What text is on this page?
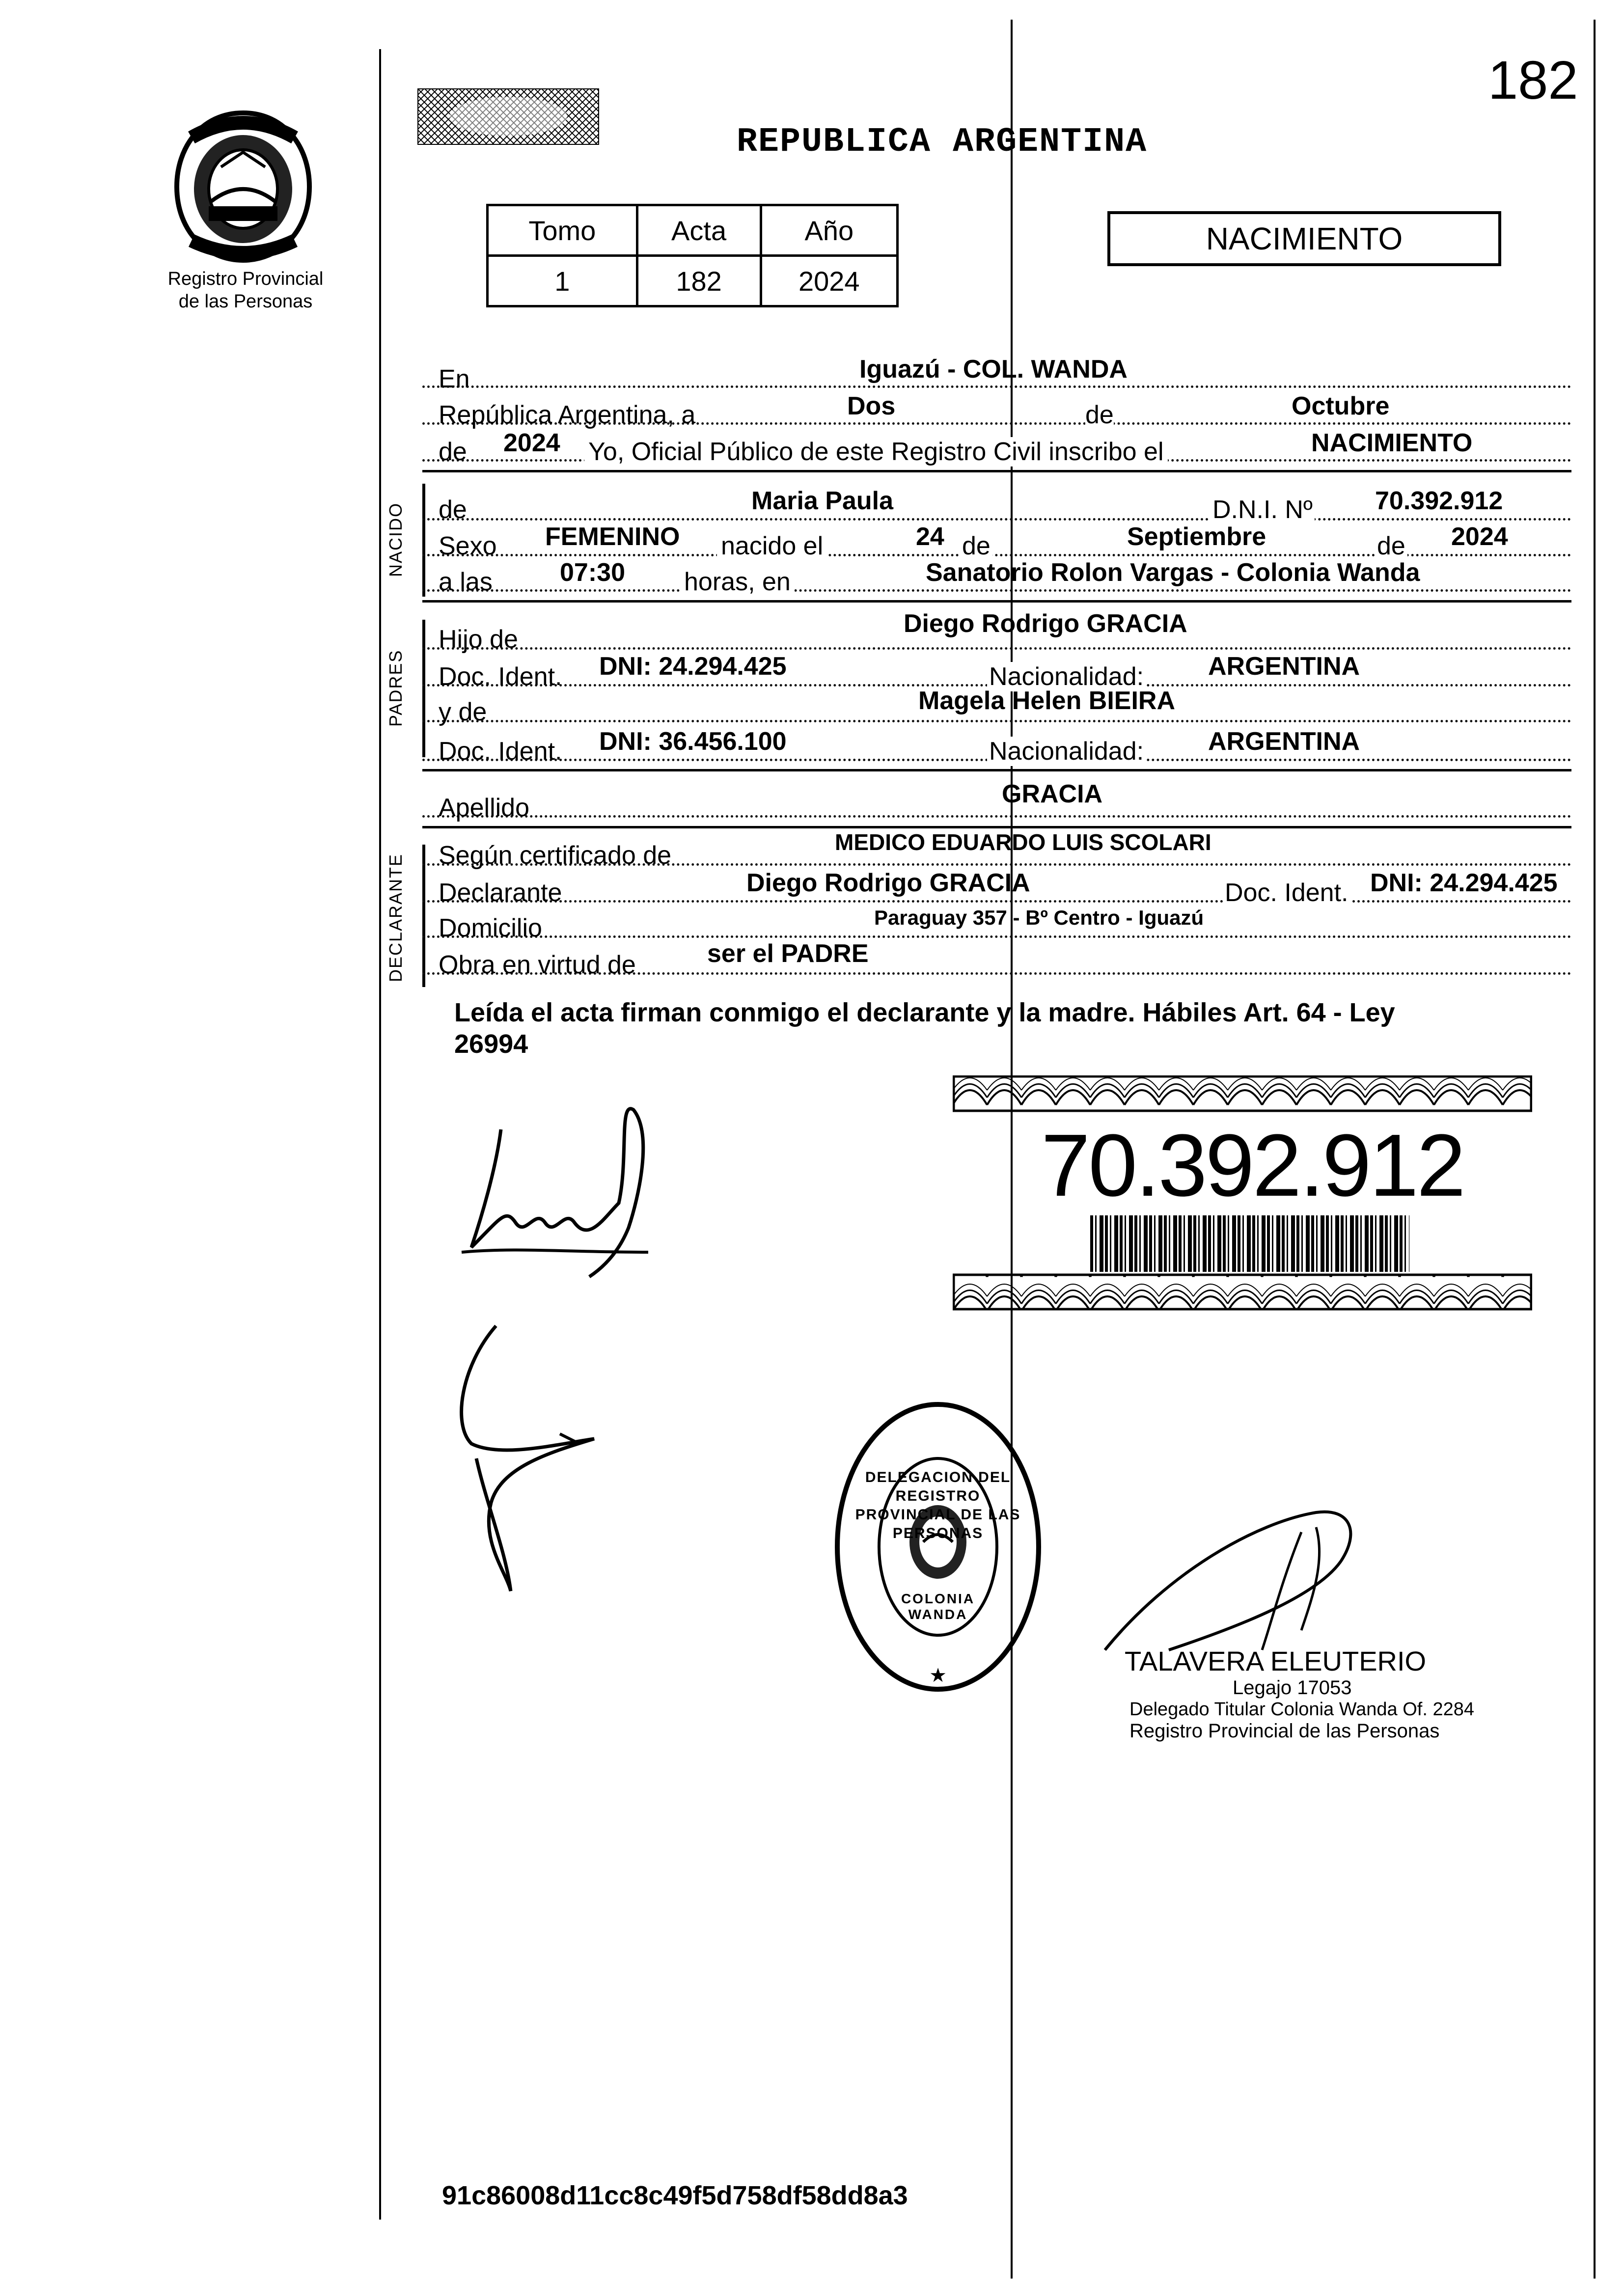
182
Registro Provincial
de las Personas
REPUBLICA ARGENTINA
Tomo	Acta	Año
1	182	2024
NACIMIENTO
En	Iguazú - COL. WANDA
República Argentina, a	Dos	de	Octubre
de 2024 Yo, Oficial Público de este Registro Civil inscribo el	NACIMIENTO
NACIDO de	Maria Paula	D.N.I. Nº 70.392.912
Sexo FEMENINO nacido el	24 de	Septiembre	de 2024
a las	07:30 horas, en	Sanatorio Rolon Vargas - Colonia Wanda
PADRES
Hijo de
Diego Rodrigo GRACIA
Doc. Ident. DNI: 24.294.425	Nacionalidad:	ARGENTINA
y de	Magela Helen BIEIRA
Doc. Ident. DNI: 36.456.100	Nacionalidad:	ARGENTINA
Apellido	GRACIA
DECLARANTE Según certificado de	MEDICO EDUARDO LUIS SCOLARI
Declarante	Diego Rodrigo GRACIA	Doc. Ident. DNI: 24.294.425
Domicilio	Paraguay 357 - Bº Centro - Iguazú
Obra en virtud de	ser el PADRE
Leída el acta firman conmigo el declarante y la madre. Hábiles Art. 64 - Ley
26994
70.392.912
★
DELEGACION DEL REGISTRO PROVINCIAL DE LAS PERSONAS
COLONIA WANDA
TALAVERA ELEUTERIO
Legajo 17053
Delegado Titular Colonia Wanda Of. 2284
Registro Provincial de las Personas
91c86008d11cc8c49f5d758df58dd8a3
